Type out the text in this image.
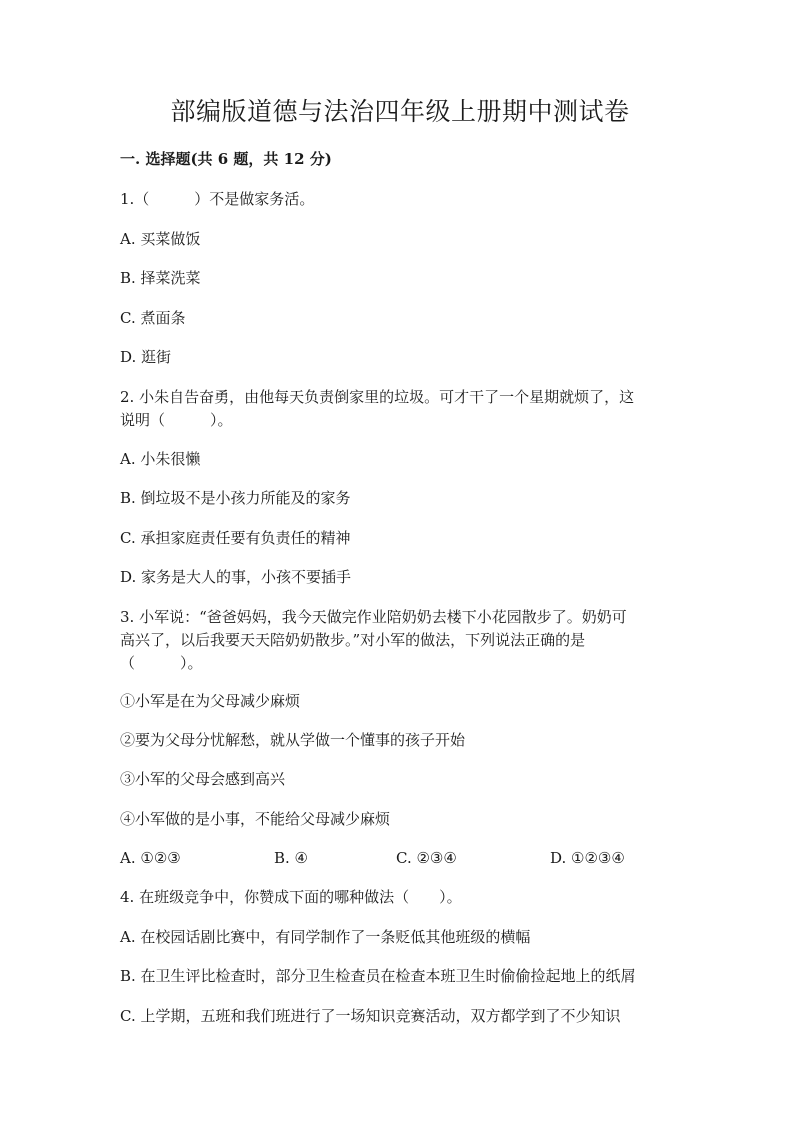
部编版道德与法治四年级上册期中测试卷
一. 选择题(共 6 题，共 12 分)
1.（　　　）不是做家务活。
A. 买菜做饭
B. 择菜洗菜
C. 煮面条
D. 逛街
2. 小朱自告奋勇，由他每天负责倒家里的垃圾。可才干了一个星期就烦了，这
说明（　　　）。
A. 小朱很懒
B. 倒垃圾不是小孩力所能及的家务
C. 承担家庭责任要有负责任的精神
D. 家务是大人的事，小孩不要插手
3. 小军说：“爸爸妈妈，我今天做完作业陪奶奶去楼下小花园散步了。奶奶可
高兴了，以后我要天天陪奶奶散步。”对小军的做法，下列说法正确的是
（　　　）。
①小军是在为父母减少麻烦
②要为父母分忧解愁，就从学做一个懂事的孩子开始
③小军的父母会感到高兴
④小军做的是小事，不能给父母减少麻烦
A. ①②③	B. ④	C. ②③④	D. ①②③④
4. 在班级竞争中，你赞成下面的哪种做法（　　）。
A. 在校园话剧比赛中，有同学制作了一条贬低其他班级的横幅
B. 在卫生评比检查时，部分卫生检查员在检查本班卫生时偷偷捡起地上的纸屑
C. 上学期，五班和我们班进行了一场知识竞赛活动，双方都学到了不少知识
